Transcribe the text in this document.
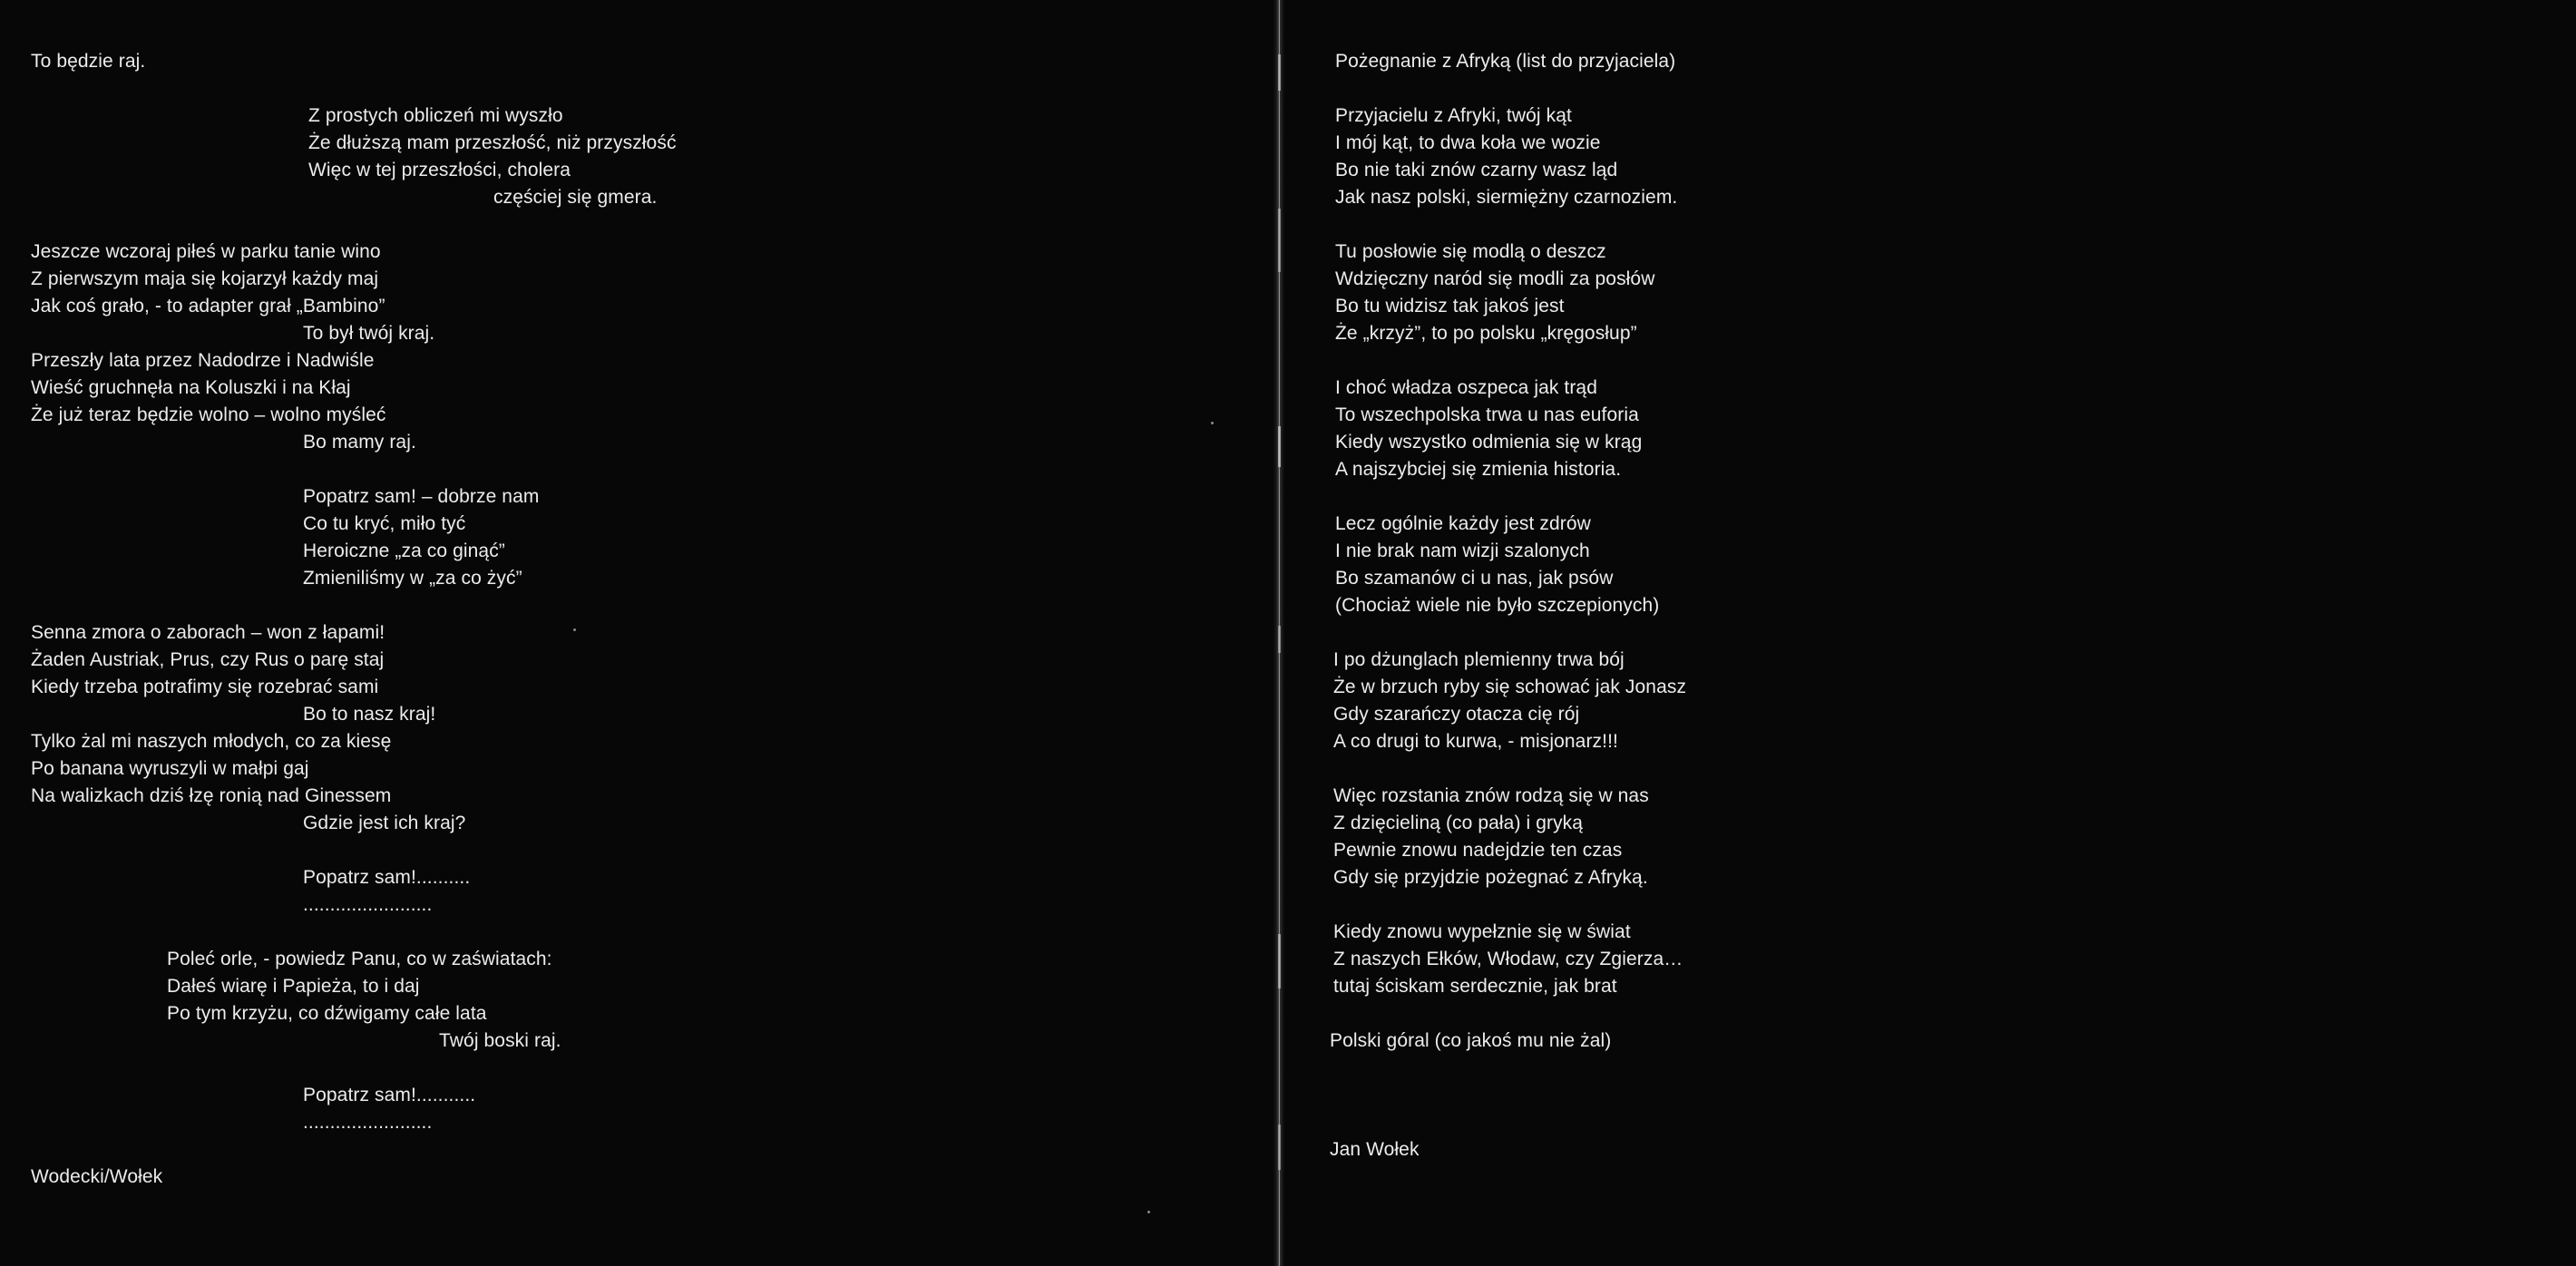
To będzie raj.
Z prostych obliczeń mi wyszło
Że dłuższą mam przeszłość, niż przyszłość
Więc w tej przeszłości, cholera
częściej się gmera.
Jeszcze wczoraj piłeś w parku tanie wino
Z pierwszym maja się kojarzył każdy maj
Jak coś grało, - to adapter grał „Bambino”
To był twój kraj.
Przeszły lata przez Nadodrze i Nadwiśle
Wieść gruchnęła na Koluszki i na Kłaj
Że już teraz będzie wolno – wolno myśleć
Bo mamy raj.
Popatrz sam! – dobrze nam
Co tu kryć, miło tyć
Heroiczne „za co ginąć”
Zmieniliśmy w „za co żyć”
Senna zmora o zaborach – won z łapami!
Żaden Austriak, Prus, czy Rus o parę staj
Kiedy trzeba potrafimy się rozebrać sami
Bo to nasz kraj!
Tylko żal mi naszych młodych, co za kiesę
Po banana wyruszyli w małpi gaj
Na walizkach dziś łzę ronią nad Ginessem
Gdzie jest ich kraj?
Popatrz sam!..........
........................
Poleć orle, - powiedz Panu, co w zaświatach:
Dałeś wiarę i Papieża, to i daj
Po tym krzyżu, co dźwigamy całe lata
Twój boski raj.
Popatrz sam!...........
........................
Wodecki/Wołek
Pożegnanie z Afryką (list do przyjaciela)
Przyjacielu z Afryki, twój kąt
I mój kąt, to dwa koła we wozie
Bo nie taki znów czarny wasz ląd
Jak nasz polski, siermiężny czarnoziem.
Tu posłowie się modlą o deszcz
Wdzięczny naród się modli za posłów
Bo tu widzisz tak jakoś jest
Że „krzyż”, to po polsku „kręgosłup”
I choć władza oszpeca jak trąd
To wszechpolska trwa u nas euforia
Kiedy wszystko odmienia się w krąg
A najszybciej się zmienia historia.
Lecz ogólnie każdy jest zdrów
I nie brak nam wizji szalonych
Bo szamanów ci u nas, jak psów
(Chociaż wiele nie było szczepionych)
I po dżunglach plemienny trwa bój
Że w brzuch ryby się schować jak Jonasz
Gdy szarańczy otacza cię rój
A co drugi to kurwa, - misjonarz!!!
Więc rozstania znów rodzą się w nas
Z dzięcieliną (co pała) i gryką
Pewnie znowu nadejdzie ten czas
Gdy się przyjdzie pożegnać z Afryką.
Kiedy znowu wypełznie się w świat
Z naszych Ełków, Włodaw, czy Zgierza…
tutaj ściskam serdecznie, jak brat
Polski góral (co jakoś mu nie żal)
Jan Wołek
